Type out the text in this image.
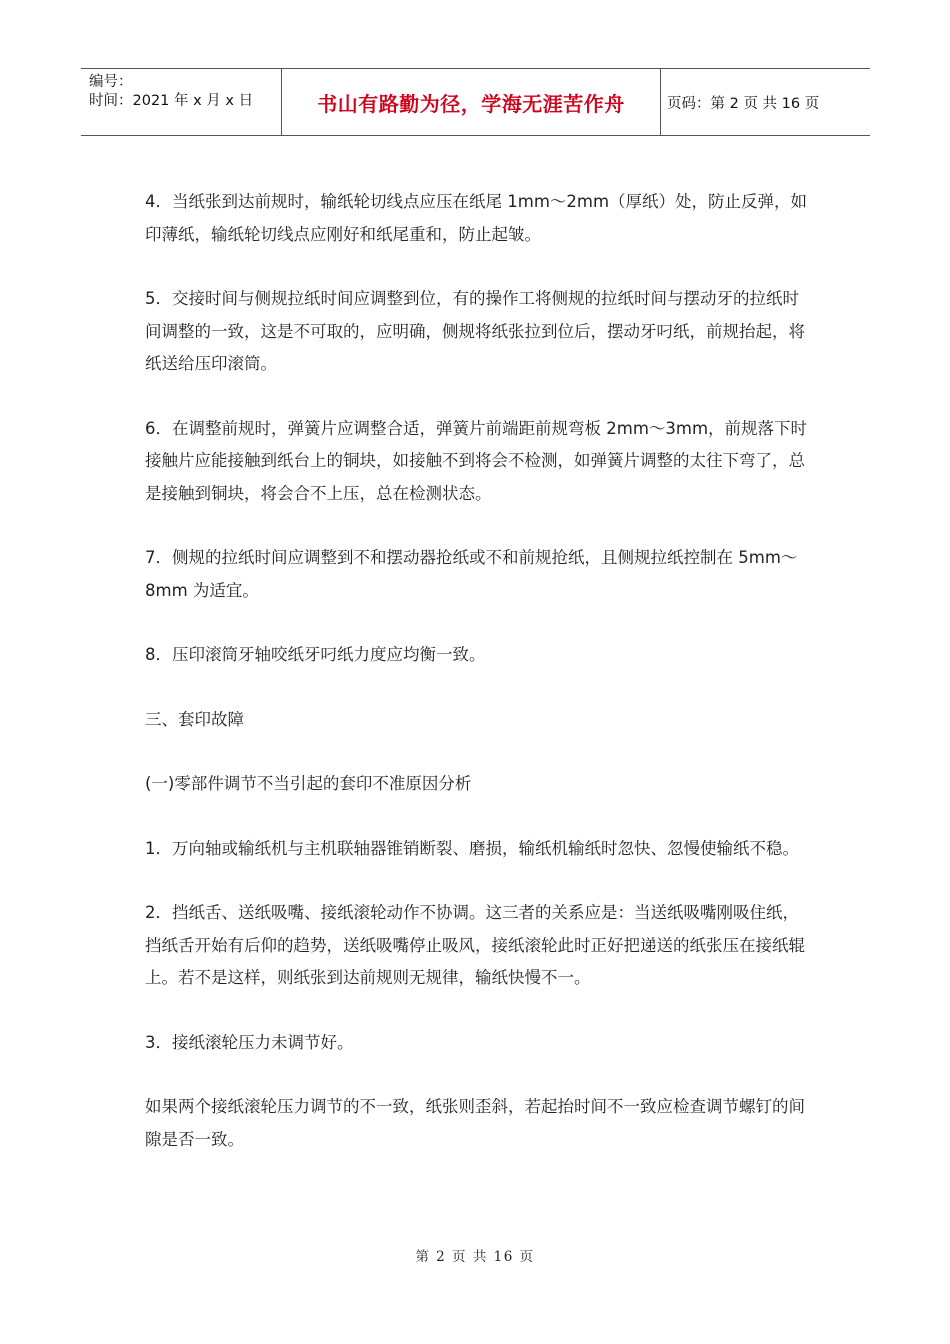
编号：
时间：2021 年 x 月 x 日	书山有路勤为径，学海无涯苦作舟	页码：第 2 页 共 16 页

4．当纸张到达前规时，输纸轮切线点应压在纸尾 1mm～2mm（厚纸）处，防止反弹，如印薄纸，输纸轮切线点应刚好和纸尾重和，防止起皱。

5．交接时间与侧规拉纸时间应调整到位，有的操作工将侧规的拉纸时间与摆动牙的拉纸时间调整的一致，这是不可取的，应明确，侧规将纸张拉到位后，摆动牙叼纸，前规抬起，将纸送给压印滚筒。

6．在调整前规时，弹簧片应调整合适，弹簧片前端距前规弯板 2mm～3mm，前规落下时接触片应能接触到纸台上的铜块，如接触不到将会不检测，如弹簧片调整的太往下弯了，总是接触到铜块，将会合不上压，总在检测状态。

7．侧规的拉纸时间应调整到不和摆动器抢纸或不和前规抢纸，且侧规拉纸控制在 5mm～8mm 为适宜。

8．压印滚筒牙轴咬纸牙叼纸力度应均衡一致。

三、套印故障

(一)零部件调节不当引起的套印不准原因分析

1．万向轴或输纸机与主机联轴器锥销断裂、磨损，输纸机输纸时忽快、忽慢使输纸不稳。

2．挡纸舌、送纸吸嘴、接纸滚轮动作不协调。这三者的关系应是：当送纸吸嘴刚吸住纸，挡纸舌开始有后仰的趋势，送纸吸嘴停止吸风，接纸滚轮此时正好把递送的纸张压在接纸辊上。若不是这样，则纸张到达前规则无规律，输纸快慢不一。

3．接纸滚轮压力未调节好。

如果两个接纸滚轮压力调节的不一致，纸张则歪斜，若起抬时间不一致应检查调节螺钉的间隙是否一致。

第 2 页 共 16 页
